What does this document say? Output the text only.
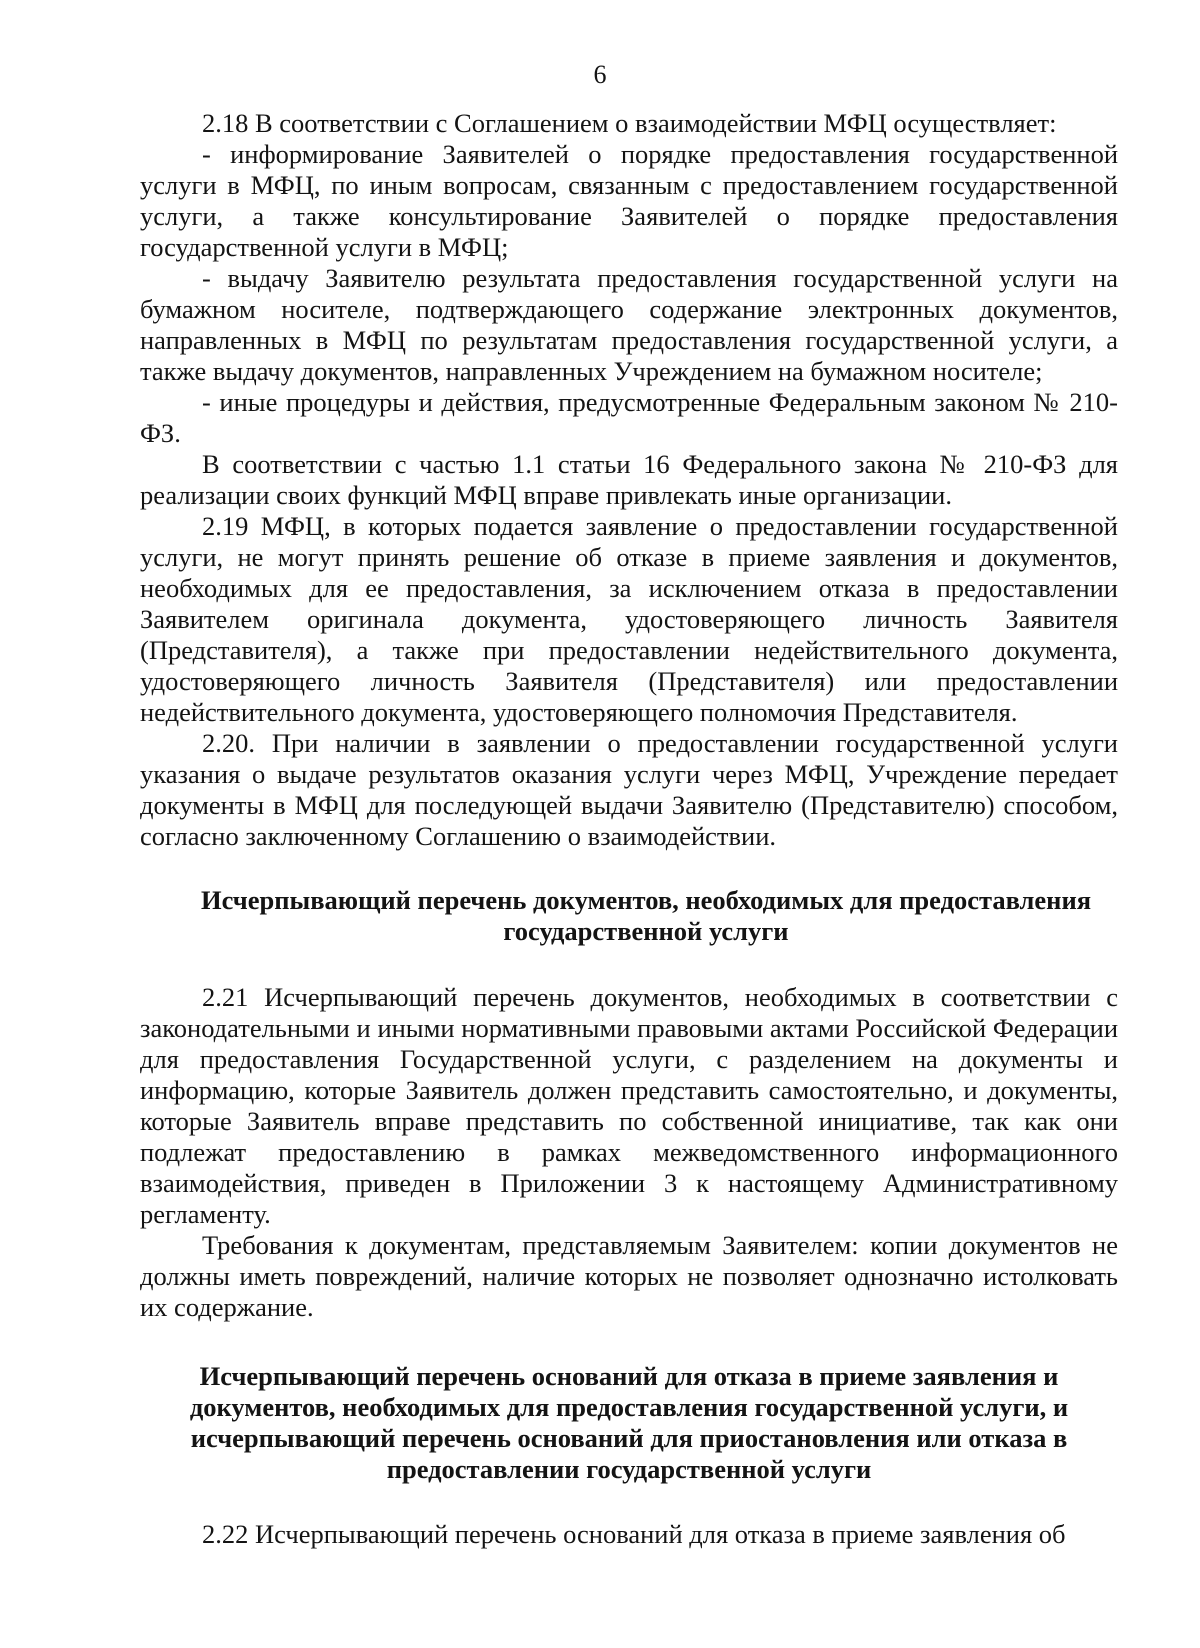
6

2.18 В соответствии с Соглашением о взаимодействии МФЦ осуществляет:

- информирование Заявителей о порядке предоставления государственной услуги в МФЦ, по иным вопросам, связанным с предоставлением государственной услуги, а также консультирование Заявителей о порядке предоставления государственной услуги в МФЦ;

- выдачу Заявителю результата предоставления государственной услуги на бумажном носителе, подтверждающего содержание электронных документов, направленных в МФЦ по результатам предоставления государственной услуги, а также выдачу документов, направленных Учреждением на бумажном носителе;

- иные процедуры и действия, предусмотренные Федеральным законом № 210-ФЗ.

В соответствии с частью 1.1 статьи 16 Федерального закона № 210-ФЗ для реализации своих функций МФЦ вправе привлекать иные организации.

2.19 МФЦ, в которых подается заявление о предоставлении государственной услуги, не могут принять решение об отказе в приеме заявления и документов, необходимых для ее предоставления, за исключением отказа в предоставлении Заявителем оригинала документа, удостоверяющего личность Заявителя (Представителя), а также при предоставлении недействительного документа, удостоверяющего личность Заявителя (Представителя) или предоставлении недействительного документа, удостоверяющего полномочия Представителя.

2.20. При наличии в заявлении о предоставлении государственной услуги указания о выдаче результатов оказания услуги через МФЦ, Учреждение передает документы в МФЦ для последующей выдачи Заявителю (Представителю) способом, согласно заключенному Соглашению о взаимодействии.

Исчерпывающий перечень документов, необходимых для предоставления государственной услуги

2.21 Исчерпывающий перечень документов, необходимых в соответствии с законодательными и иными нормативными правовыми актами Российской Федерации для предоставления Государственной услуги, с разделением на документы и информацию, которые Заявитель должен представить самостоятельно, и документы, которые Заявитель вправе представить по собственной инициативе, так как они подлежат предоставлению в рамках межведомственного информационного взаимодействия, приведен в Приложении 3 к настоящему Административному регламенту.

Требования к документам, представляемым Заявителем: копии документов не должны иметь повреждений, наличие которых не позволяет однозначно истолковать их содержание.

Исчерпывающий перечень оснований для отказа в приеме заявления и документов, необходимых для предоставления государственной услуги, и исчерпывающий перечень оснований для приостановления или отказа в предоставлении государственной услуги

2.22 Исчерпывающий перечень оснований для отказа в приеме заявления об
